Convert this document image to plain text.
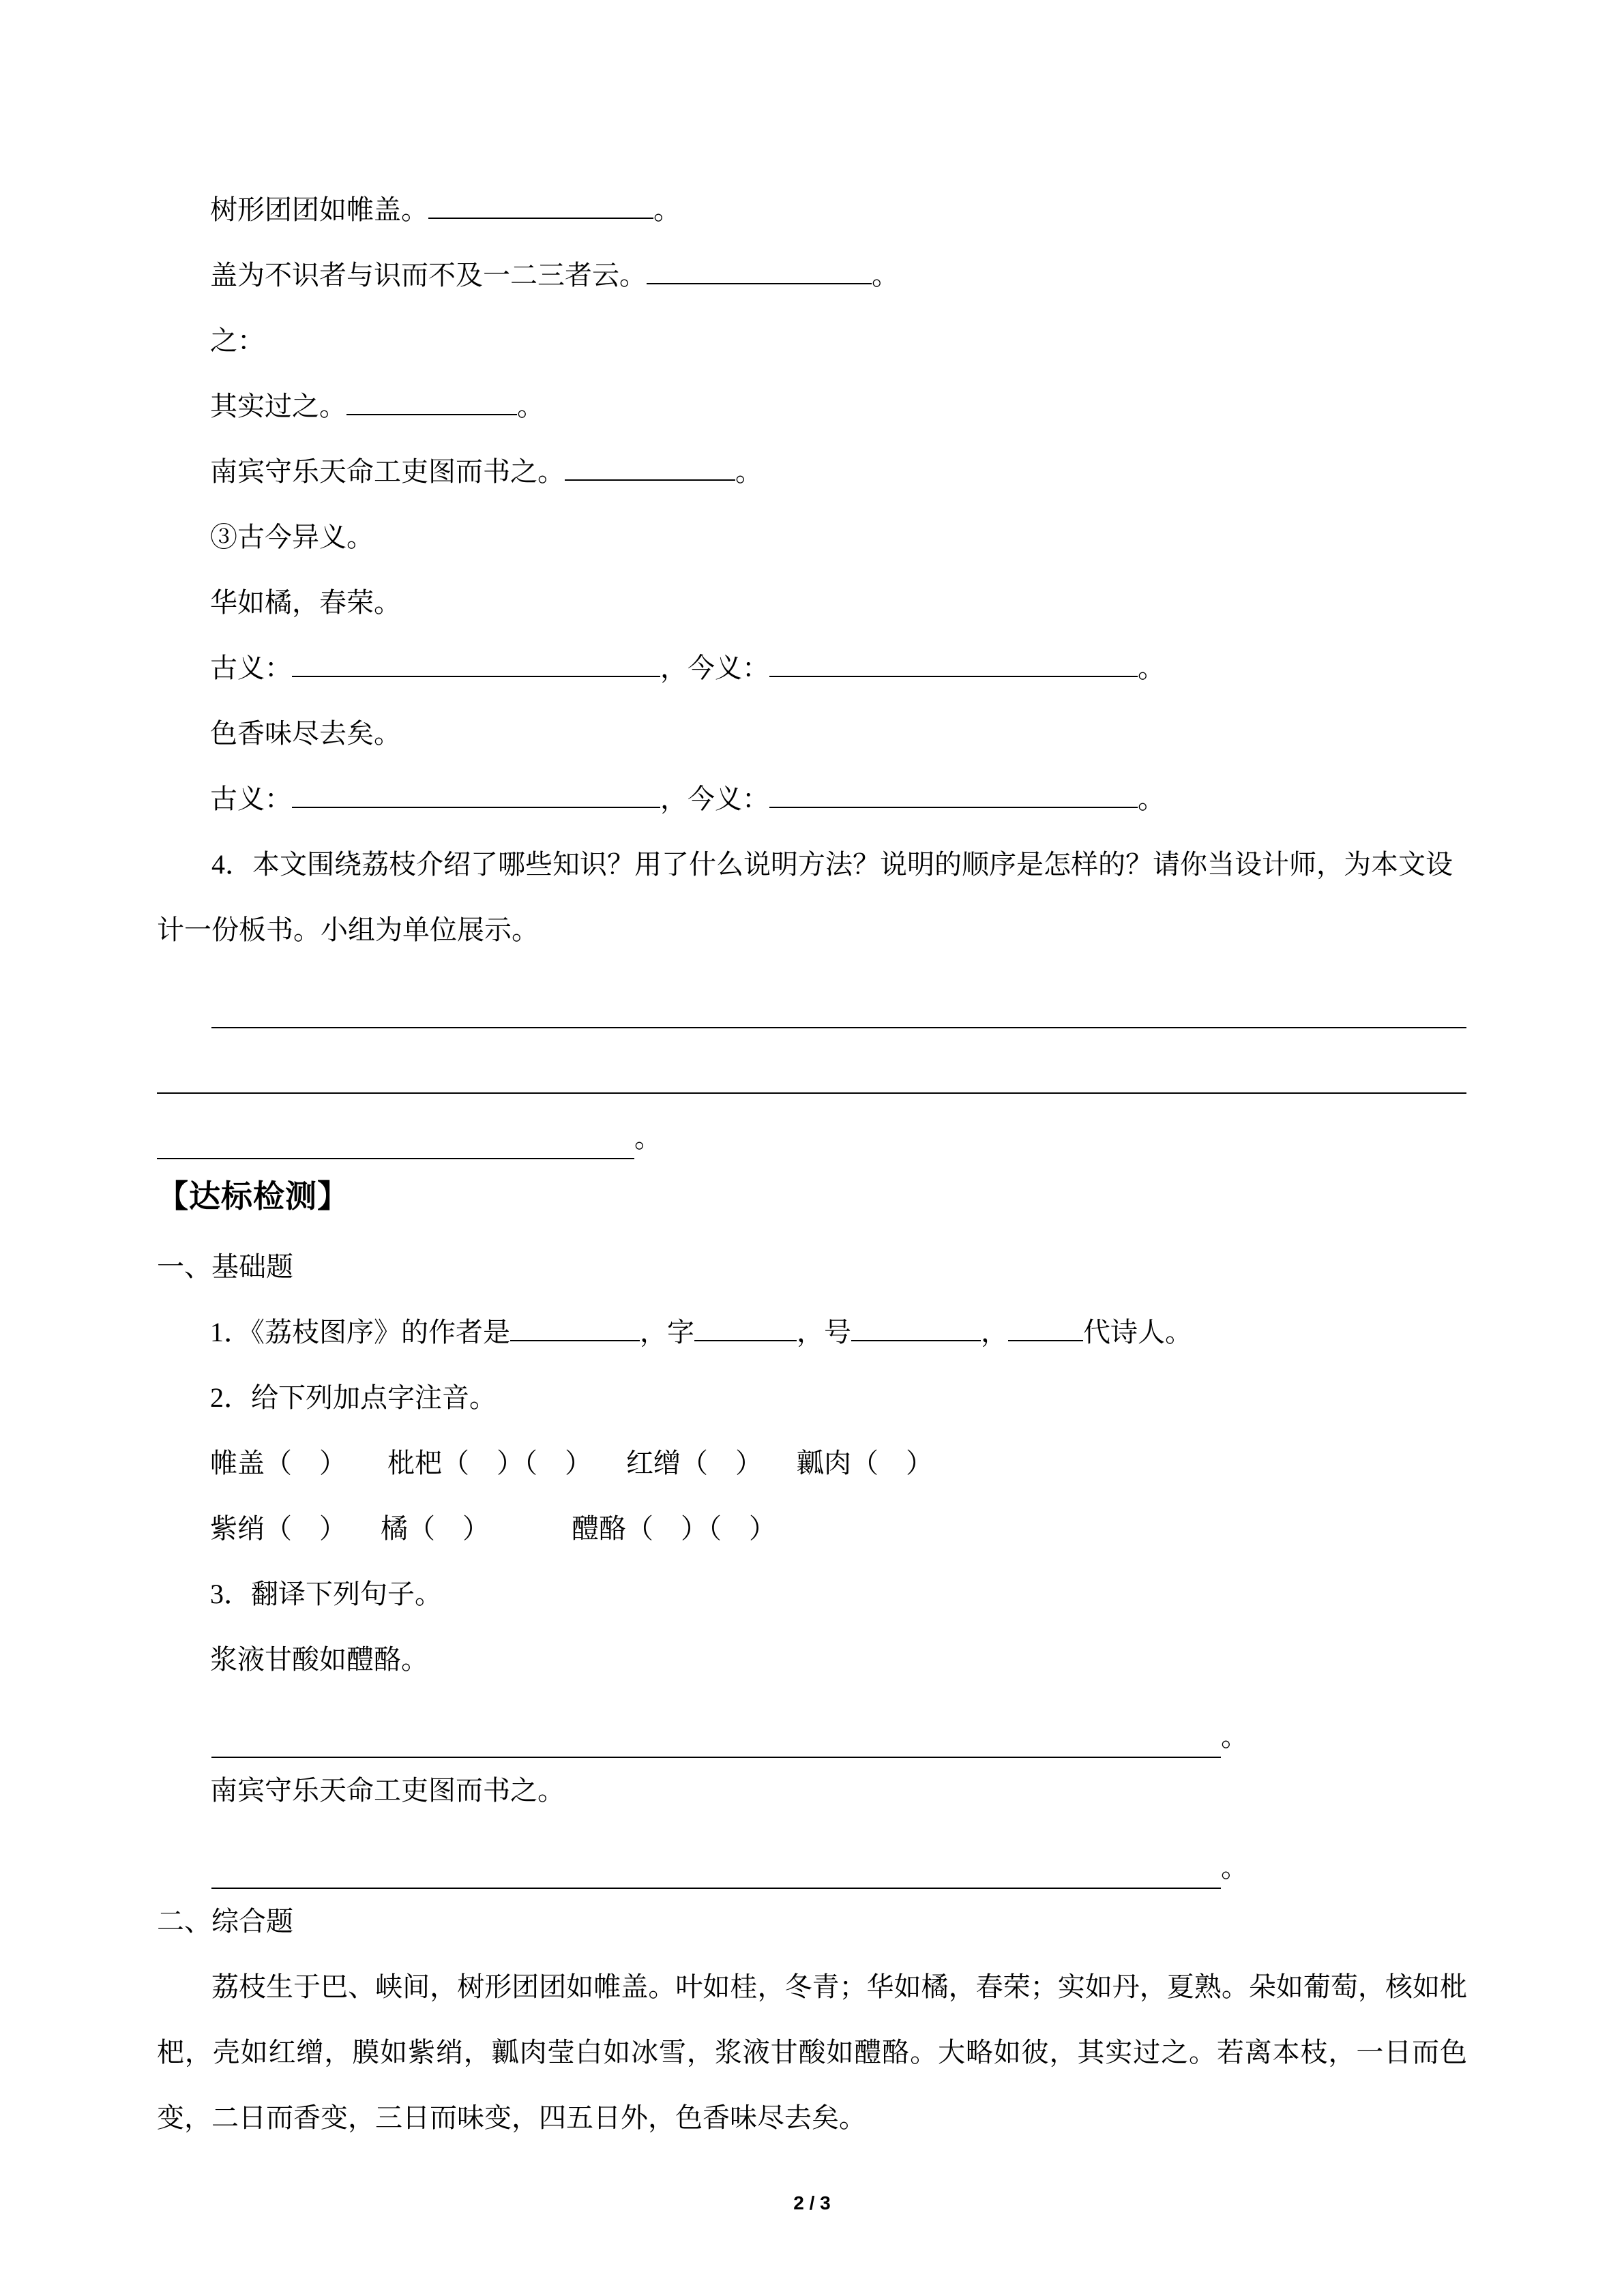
树形团团如帷盖。	。
盖为不识者与识而不及一二三者云。	。
之：
其实过之。	。
南宾守乐天命工吏图而书之。	。
③古今异义。
华如橘，春荣。
古义：	，今义：	。
色香味尽去矣。
古义：	，今义：	。
4．本文围绕荔枝介绍了哪些知识？用了什么说明方法？说明的顺序是怎样的？请你当设计师，为本文设计一份板书。小组为单位展示。
。
【达标检测】
一、基础题
1．《荔枝图序》的作者是	，字	，号	，	代诗人。
2．给下列加点字注音。
帷盖（    ）      枇杷（    ）（    ）     红缯（    ）     瓤肉（    ）
紫绡（    ）     橘（    ）            醴酪（    ）（    ）
3．翻译下列句子。
浆液甘酸如醴酪。
。
南宾守乐天命工吏图而书之。
。
二、综合题
荔枝生于巴、峡间，树形团团如帷盖。叶如桂，冬青；华如橘，春荣；实如丹，夏熟。朵如葡萄，核如枇杷，壳如红缯，膜如紫绡，瓤肉莹白如冰雪，浆液甘酸如醴酪。大略如彼，其实过之。若离本枝，一日而色变，二日而香变，三日而味变，四五日外，色香味尽去矣。
2 / 3
